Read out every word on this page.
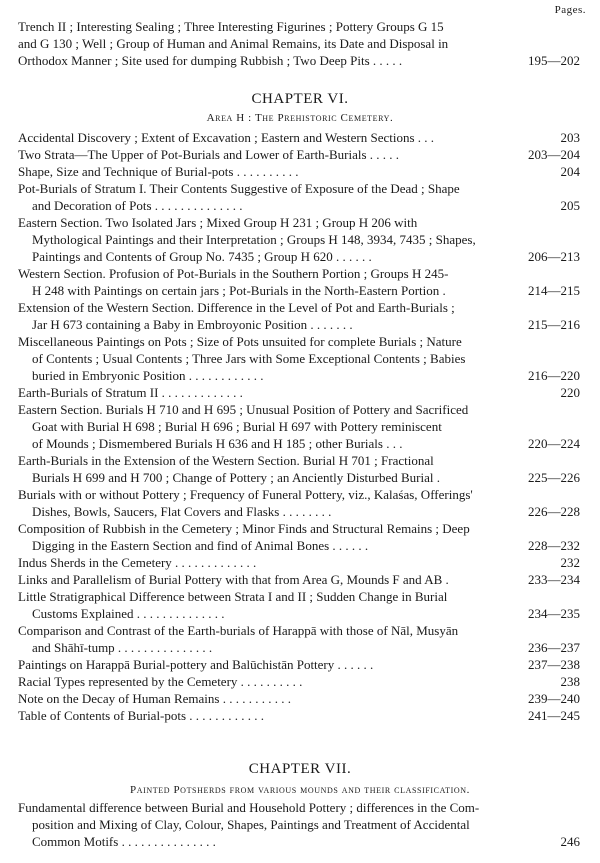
Pages.
Trench II ; Interesting Sealing ; Three Interesting Figurines ; Pottery Groups G 15
and G 130 ; Well ; Group of Human and Animal Remains, its Date and Disposal in
Orthodox Manner ; Site used for dumping Rubbish ; Two Deep Pits . . . . .	195—202
CHAPTER VI.
Area H : The Prehistoric Cemetery.
Accidental Discovery ; Extent of Excavation ; Eastern and Western Sections . . .	203
Two Strata—The Upper of Pot-Burials and Lower of Earth-Burials . . . . .	203—204
Shape, Size and Technique of Burial-pots . . . . . . . . . .	204
Pot-Burials of Stratum I. Their Contents Suggestive of Exposure of the Dead ; Shape
and Decoration of Pots . . . . . . . . . . . . . .	205
Eastern Section. Two Isolated Jars ; Mixed Group H 231 ; Group H 206 with
Mythological Paintings and their Interpretation ; Groups H 148, 3934, 7435 ; Shapes,
Paintings and Contents of Group No. 7435 ; Group H 620 . . . . . .	206—213
Western Section. Profusion of Pot-Burials in the Southern Portion ; Groups H 245-
H 248 with Paintings on certain jars ; Pot-Burials in the North-Eastern Portion .	214—215
Extension of the Western Section. Difference in the Level of Pot and Earth-Burials ;
Jar H 673 containing a Baby in Embroyonic Position . . . . . . .	215—216
Miscellaneous Paintings on Pots ; Size of Pots unsuited for complete Burials ; Nature
of Contents ; Usual Contents ; Three Jars with Some Exceptional Contents ; Babies
buried in Embryonic Position . . . . . . . . . . . .	216—220
Earth-Burials of Stratum II . . . . . . . . . . . . .	220
Eastern Section. Burials H 710 and H 695 ; Unusual Position of Pottery and Sacrificed
Goat with Burial H 698 ; Burial H 696 ; Burial H 697 with Pottery reminiscent
of Mounds ; Dismembered Burials H 636 and H 185 ; other Burials . . .	220—224
Earth-Burials in the Extension of the Western Section. Burial H 701 ; Fractional
Burials H 699 and H 700 ; Change of Pottery ; an Anciently Disturbed Burial .	225—226
Burials with or without Pottery ; Frequency of Funeral Pottery, viz., Kalaśas, Offerings'
Dishes, Bowls, Saucers, Flat Covers and Flasks . . . . . . . .	226—228
Composition of Rubbish in the Cemetery ; Minor Finds and Structural Remains ; Deep
Digging in the Eastern Section and find of Animal Bones . . . . . .	228—232
Indus Sherds in the Cemetery . . . . . . . . . . . . .	232
Links and Parallelism of Burial Pottery with that from Area G, Mounds F and AB .	233—234
Little Stratigraphical Difference between Strata I and II ; Sudden Change in Burial
Customs Explained . . . . . . . . . . . . . .	234—235
Comparison and Contrast of the Earth-burials of Harappā with those of Nāl, Musyān
and Shāhī-tump . . . . . . . . . . . . . . .	236—237
Paintings on Harappā Burial-pottery and Balūchistān Pottery . . . . . .	237—238
Racial Types represented by the Cemetery . . . . . . . . . .	238
Note on the Decay of Human Remains . . . . . . . . . . .	239—240
Table of Contents of Burial-pots . . . . . . . . . . . .	241—245
CHAPTER VII.
Painted Potsherds from various mounds and their classification.
Fundamental difference between Burial and Household Pottery ; differences in the Com-
position and Mixing of Clay, Colour, Shapes, Paintings and Treatment of Accidental
Common Motifs . . . . . . . . . . . . . . .	246
